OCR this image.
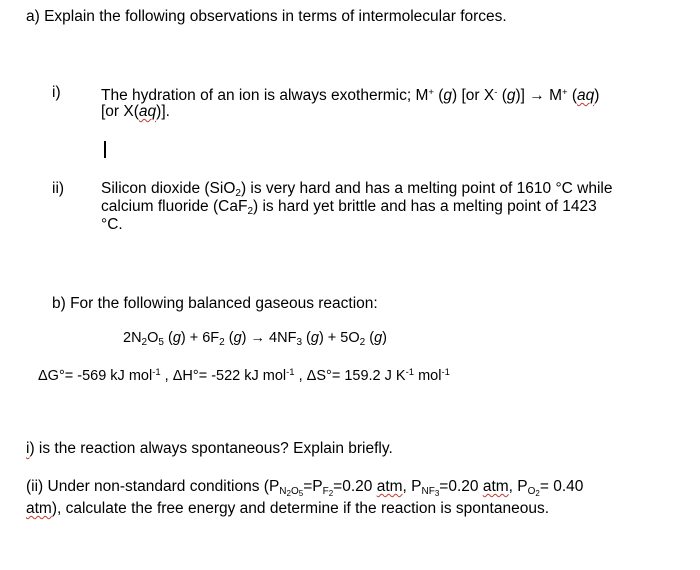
a) Explain the following observations in terms of intermolecular forces.
i)	The hydration of an ion is always exothermic; M+ (g) [or X- (g)] → M+ (aq)
[or X(aq)].
ii) Silicon dioxide (SiO$_2$) is very hard and has a melting point of 1610 °C while
calcium fluoride (CaF$_2$) is hard yet brittle and has a melting point of 1423
°C.
b) For the following balanced gaseous reaction:
$2N_2O_5$ $(g) + 6F_2$ $(g) \to 4NF_3$ $(g) + 5O_2$ (g)
ΔG°= -569 kJ mol$^{-1}$ , ΔH°= -522 kJ mol$^{-1}$ , ΔS°= 159.2 J $K^{-1}$ mol$^{-1}$
i) is the reaction always spontaneous? Explain briefly.
(ii) Under non-standard conditions ($P_{N_2O_5}=P_{F_2}=0.20$ atm, $P_{NF_3}=0.20$ atm, $P_{O_2}= 0.40$
atm), calculate the free energy and determine if the reaction is spontaneous.
